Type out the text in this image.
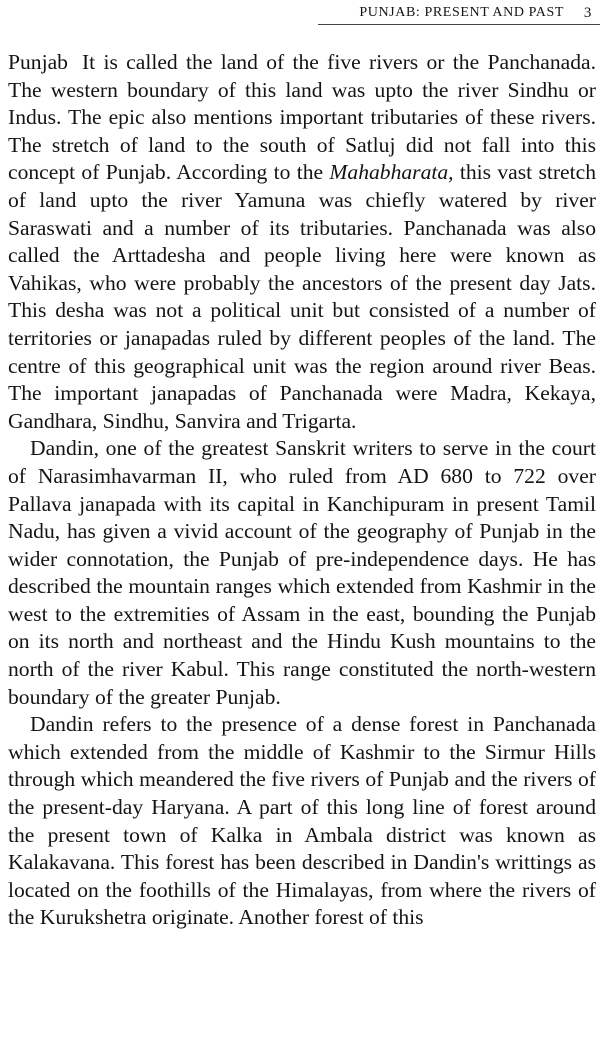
PUNJAB: PRESENT AND PAST 3

Punjab It is called the land of the five rivers or the Panchanada. The western boundary of this land was upto the river Sindhu or Indus. The epic also mentions important tributaries of these rivers. The stretch of land to the south of Satluj did not fall into this concept of Punjab. According to the Mahabharata, this vast stretch of land upto the river Yamuna was chiefly watered by river Saraswati and a number of its tributaries. Panchanada was also called the Arttadesha and people living here were known as Vahikas, who were probably the ancestors of the present day Jats. This desha was not a political unit but consisted of a number of territories or janapadas ruled by different peoples of the land. The centre of this geographical unit was the region around river Beas. The important janapadas of Panchanada were Madra, Kekaya, Gandhara, Sindhu, Sanvira and Trigarta.

Dandin, one of the greatest Sanskrit writers to serve in the court of Narasimhavarman II, who ruled from AD 680 to 722 over Pallava janapada with its capital in Kanchipuram in present Tamil Nadu, has given a vivid account of the geography of Punjab in the wider connotation, the Punjab of pre-independence days. He has described the mountain ranges which extended from Kashmir in the west to the extremities of Assam in the east, bounding the Punjab on its north and northeast and the Hindu Kush mountains to the north of the river Kabul. This range constituted the north-western boundary of the greater Punjab.

Dandin refers to the presence of a dense forest in Panchanada which extended from the middle of Kashmir to the Sirmur Hills through which meandered the five rivers of Punjab and the rivers of the present-day Haryana. A part of this long line of forest around the present town of Kalka in Ambala district was known as Kalakavana. This forest has been described in Dandin's writtings as located on the foothills of the Himalayas, from where the rivers of the Kurukshetra originate. Another forest of this
